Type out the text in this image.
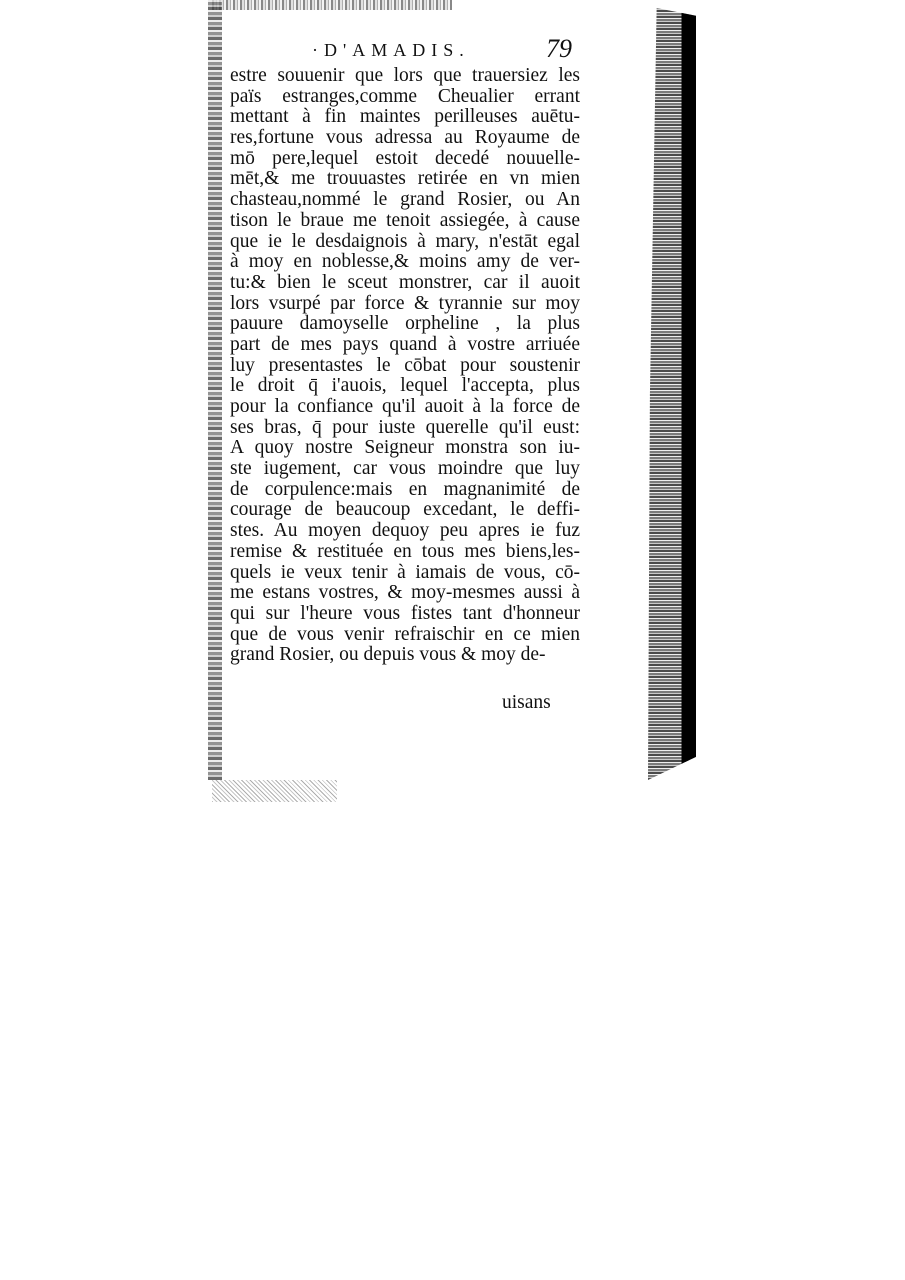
·D'AMADIS.	79
estre souuenir que lors que trauersiez les
païs estranges,comme Cheualier errant
mettant à fin maintes perilleuses auētu-
res,fortune vous adressa au Royaume de
mō pere,lequel estoit decedé nouuelle-
mēt,& me trouuastes retirée en vn mien
chasteau,nommé le grand Rosier, ou An
tison le braue me tenoit assiegée, à cause
que ie le desdaignois à mary, n'estāt egal
à moy en noblesse,& moins amy de ver-
tu:& bien le sceut monstrer, car il auoit
lors vsurpé par force & tyrannie sur moy
pauure damoyselle orpheline , la plus
part de mes pays quand à vostre arriuée
luy presentastes le cōbat pour soustenir
le droit q̄ i'auois, lequel l'accepta, plus
pour la confiance qu'il auoit à la force de
ses bras, q̄ pour iuste querelle qu'il eust:
A quoy nostre Seigneur monstra son iu-
ste iugement, car vous moindre que luy
de corpulence:mais en magnanimité de
courage de beaucoup excedant, le deffi-
stes. Au moyen dequoy peu apres ie fuz
remise & restituée en tous mes biens,les-
quels ie veux tenir à iamais de vous, cō-
me estans vostres, & moy-mesmes aussi à
qui sur l'heure vous fistes tant d'honneur
que de vous venir refraischir en ce mien
grand Rosier, ou depuis vous & moy de-
uisans
